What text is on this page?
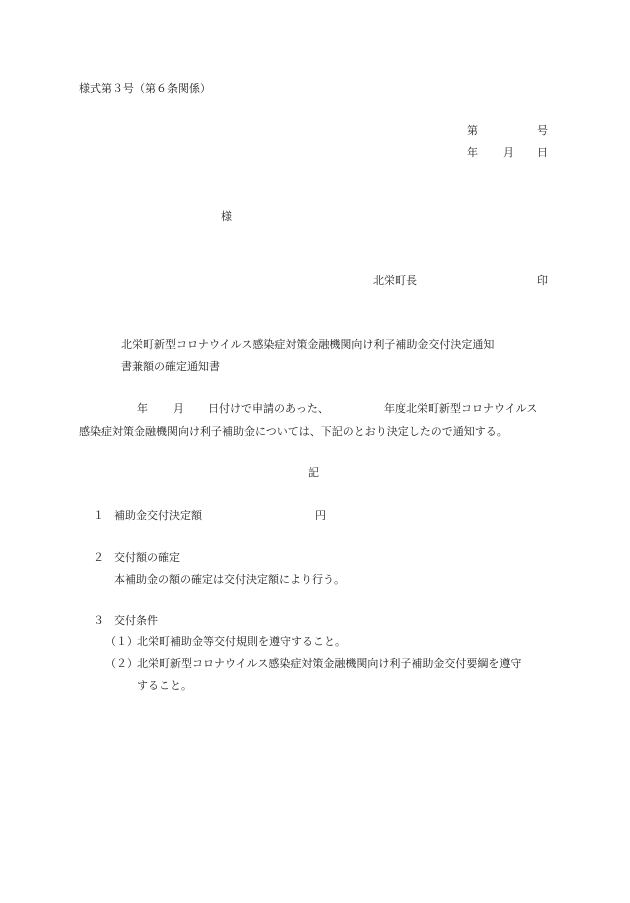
様式第３号（第６条関係）
第	号
年 月 日
様
北栄町長	印
北栄町新型コロナウイルス感染症対策金融機関向け利子補助金交付決定通知
書兼額の確定通知書
年 月 日付けで申請のあった、	年度北栄町新型コロナウイルス
感染症対策金融機関向け利子補助金については、下記のとおり決定したので通知する。
記
１ 補助金交付決定額	円
２ 交付額の確定
本補助金の額の確定は交付決定額により行う。
３ 交付条件
（１） 北栄町補助金等交付規則を遵守すること。
（２） 北栄町新型コロナウイルス感染症対策金融機関向け利子補助金交付要綱を遵守
すること。
